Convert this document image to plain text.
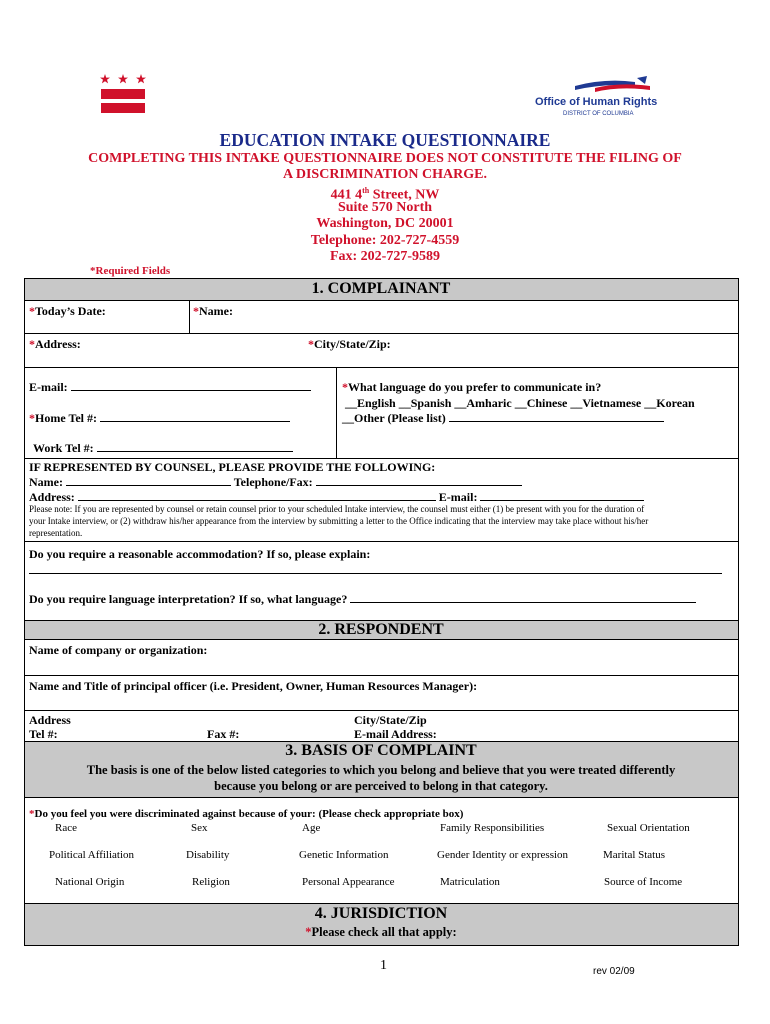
Office of Human Rights
DISTRICT OF COLUMBIA
EDUCATION INTAKE QUESTIONNAIRE
COMPLETING THIS INTAKE QUESTIONNAIRE DOES NOT CONSTITUTE THE FILING OF
A DISCRIMINATION CHARGE.
441 4th Street, NW
Suite 570 North
Washington, DC 20001
Telephone: 202-727-4559
Fax: 202-727-9589
*Required Fields
1. COMPLAINANT
*Today’s Date:	*Name:
*Address:	*City/State/Zip:
E-mail:
*Home Tel #:
Work Tel #:
*What language do you prefer to communicate in?
__English __Spanish __Amharic __Chinese __Vietnamese __Korean
__Other (Please list)
IF REPRESENTED BY COUNSEL, PLEASE PROVIDE THE FOLLOWING:
Name:	Telephone/Fax:
Address:	E-mail:
Please note: If you are represented by counsel or retain counsel prior to your scheduled Intake interview, the counsel must either (1) be present with you for the duration of
your Intake interview, or (2) withdraw his/her appearance from the interview by submitting a letter to the Office indicating that the interview may take place without his/her
representation.
Do you require a reasonable accommodation? If so, please explain:
Do you require language interpretation? If so, what language?
2. RESPONDENT
Name of company or organization:
Name and Title of principal officer (i.e. President, Owner, Human Resources Manager):
Address	City/State/Zip
Tel #:	Fax #:	E-mail Address:
3. BASIS OF COMPLAINT
The basis is one of the below listed categories to which you belong and believe that you were treated differently
because you belong or are perceived to belong in that category.
*Do you feel you were discriminated against because of your: (Please check appropriate box)
Race	Sex	Age	Family Responsibilities	Sexual Orientation
Political Affiliation	Disability	Genetic Information	Gender Identity or expression	Marital Status
National Origin	Religion	Personal Appearance	Matriculation	Source of Income
4. JURISDICTION
*Please check all that apply:
1	rev 02/09
